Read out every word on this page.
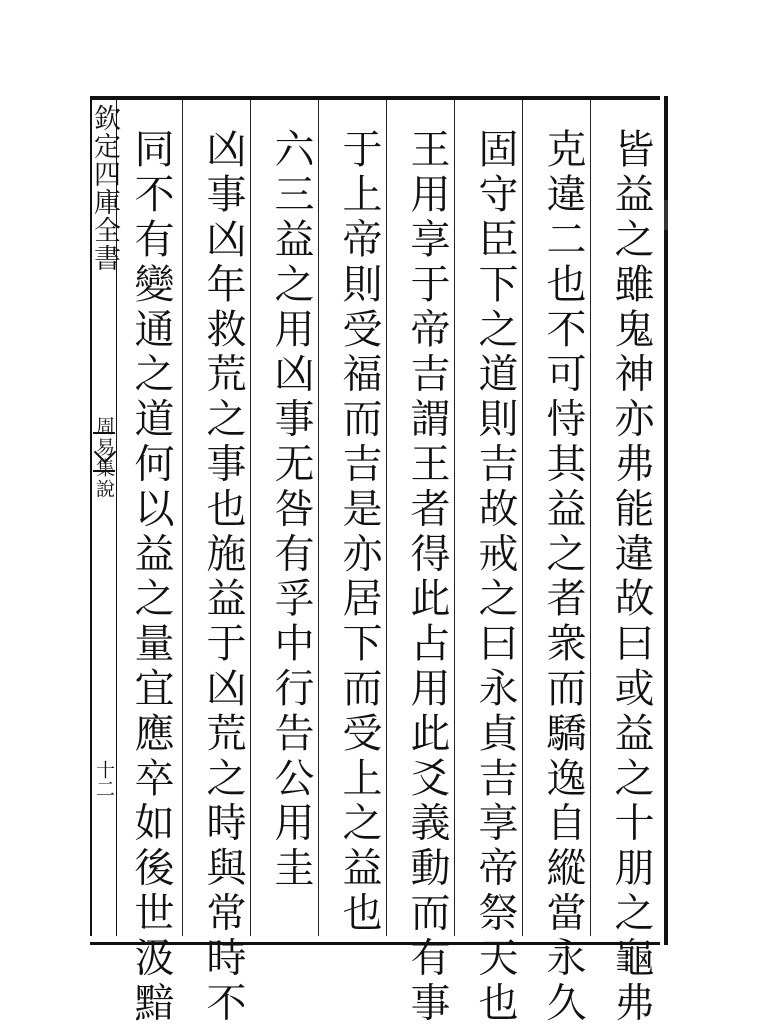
欽定四庫全書
周易集說
十二	皆益之雖鬼神亦弗能違故曰或益之十朋之龜弗
克違二也不可恃其益之者衆而驕逸自縱當永久
固守臣下之道則吉故戒之曰永貞吉享帝祭天也
王用享于帝吉謂王者得此占用此爻義動而有事
于上帝則受福而吉是亦居下而受上之益也
六三益之用凶事无咎有孚中行告公用圭
凶事凶年救荒之事也施益于凶荒之時與常時不
同不有變通之道何以益之量宜應卒如後世汲黯
